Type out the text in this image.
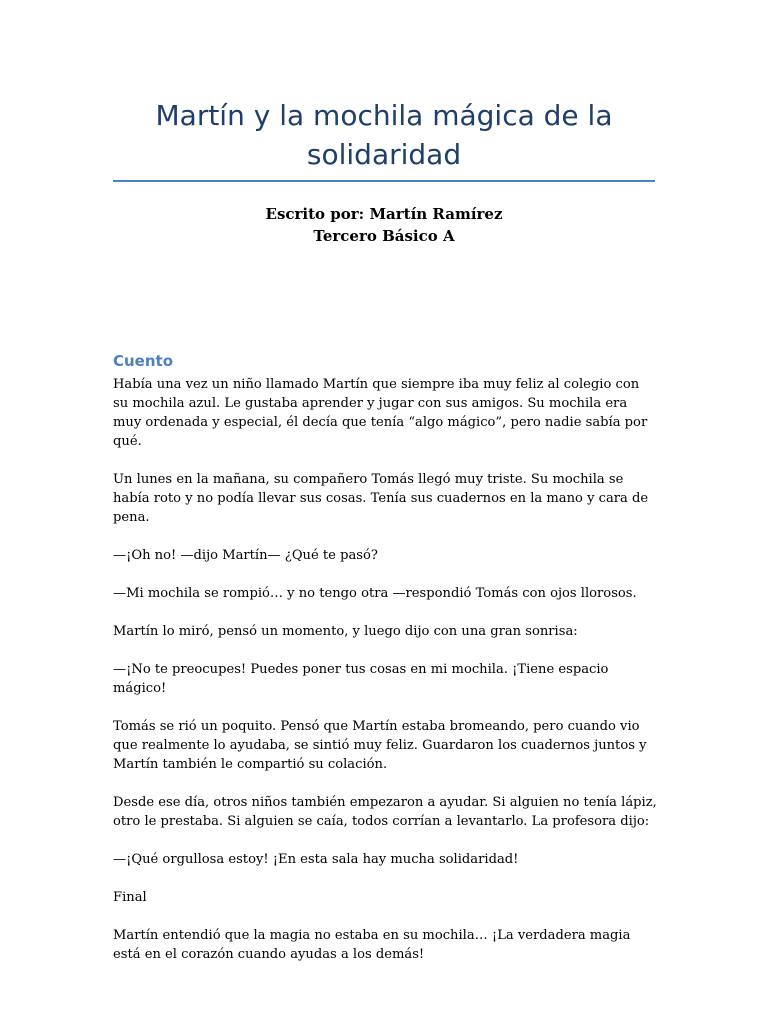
Martín y la mochila mágica de la solidaridad
Escrito por: Martín Ramírez
Tercero Básico A
Cuento

Había una vez un niño llamado Martín que siempre iba muy feliz al colegio con su mochila azul. Le gustaba aprender y jugar con sus amigos. Su mochila era muy ordenada y especial, él decía que tenía “algo mágico”, pero nadie sabía por qué.

Un lunes en la mañana, su compañero Tomás llegó muy triste. Su mochila se había roto y no podía llevar sus cosas. Tenía sus cuadernos en la mano y cara de pena.

—¡Oh no! —dijo Martín— ¿Qué te pasó?

—Mi mochila se rompió… y no tengo otra —respondió Tomás con ojos llorosos.

Martín lo miró, pensó un momento, y luego dijo con una gran sonrisa:

—¡No te preocupes! Puedes poner tus cosas en mi mochila. ¡Tiene espacio mágico!

Tomás se rió un poquito. Pensó que Martín estaba bromeando, pero cuando vio que realmente lo ayudaba, se sintió muy feliz. Guardaron los cuadernos juntos y Martín también le compartió su colación.

Desde ese día, otros niños también empezaron a ayudar. Si alguien no tenía lápiz, otro le prestaba. Si alguien se caía, todos corrían a levantarlo. La profesora dijo:

—¡Qué orgullosa estoy! ¡En esta sala hay mucha solidaridad!

Final

Martín entendió que la magia no estaba en su mochila… ¡La verdadera magia está en el corazón cuando ayudas a los demás!
